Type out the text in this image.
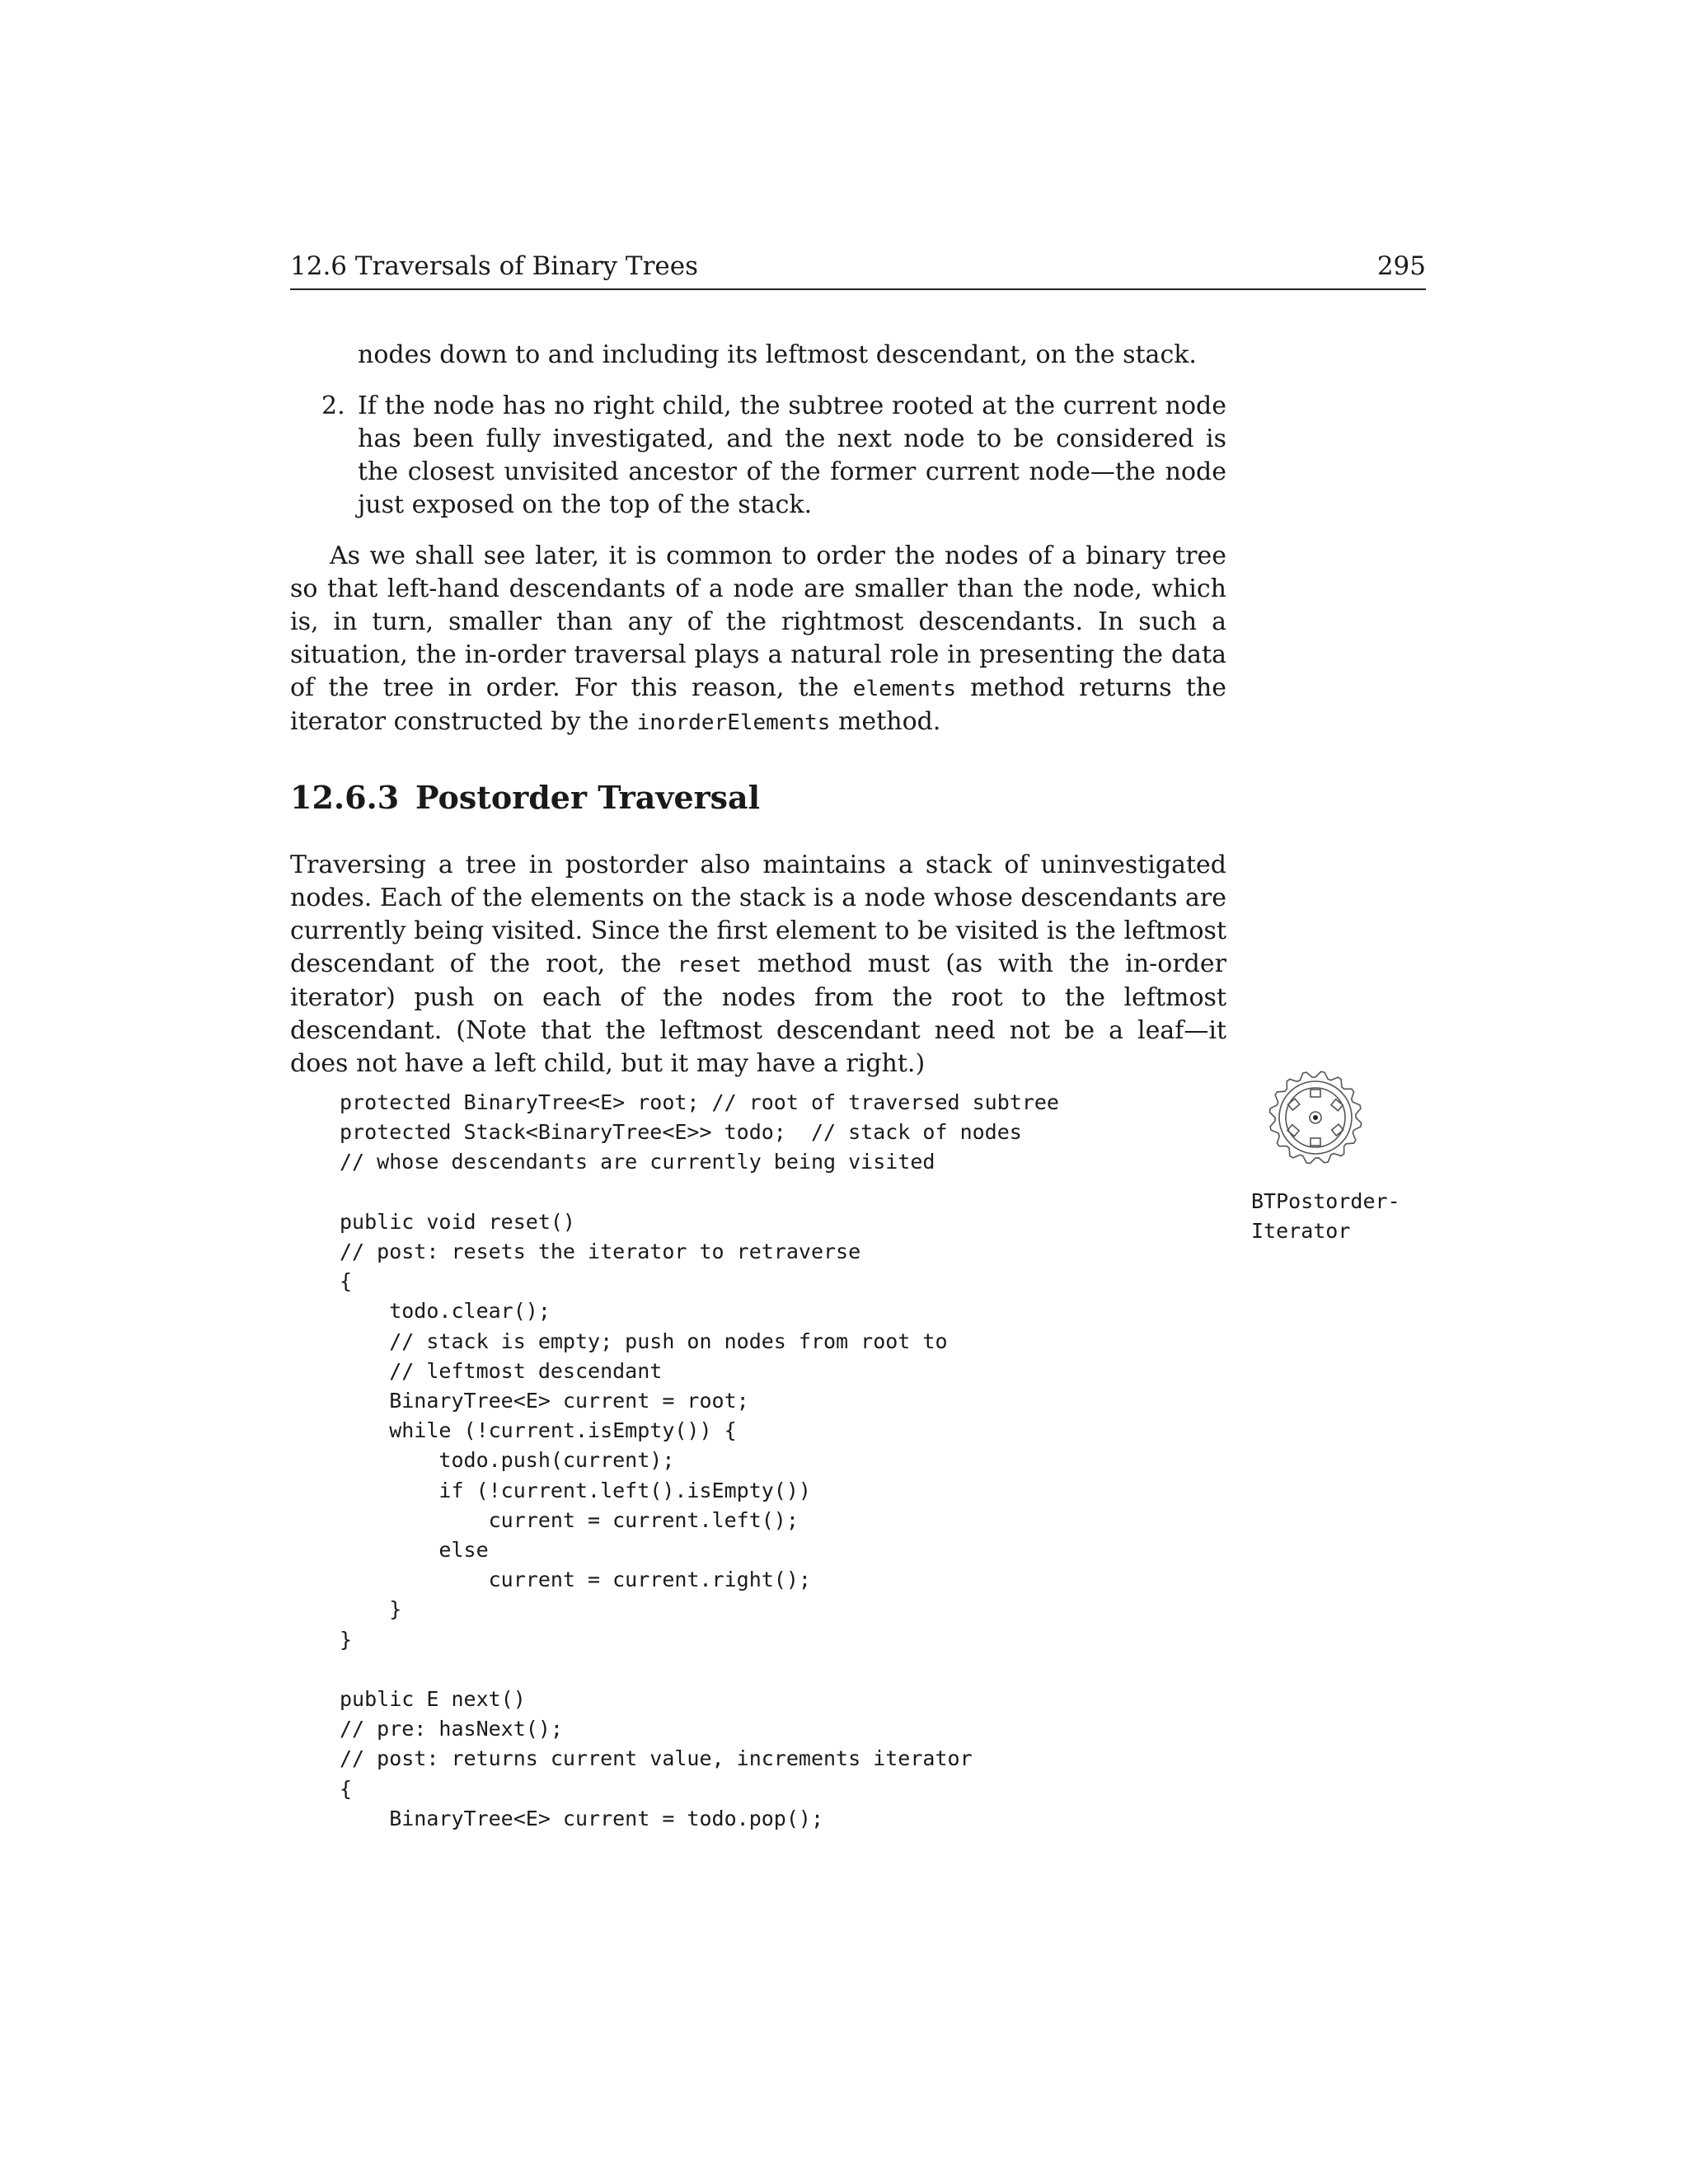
12.6 Traversals of Binary Trees	295
nodes down to and including its leftmost descendant, on the stack.
2. If the node has no right child, the subtree rooted at the current node has been fully investigated, and the next node to be considered is the closest unvisited ancestor of the former current node—the node just exposed on the top of the stack.
As we shall see later, it is common to order the nodes of a binary tree so that left-hand descendants of a node are smaller than the node, which is, in turn, smaller than any of the rightmost descendants. In such a situation, the in-order traversal plays a natural role in presenting the data of the tree in order. For this reason, the elements method returns the iterator constructed by the inorderElements method.
12.6.3 Postorder Traversal
Traversing a tree in postorder also maintains a stack of uninvestigated nodes. Each of the elements on the stack is a node whose descendants are currently being visited. Since the first element to be visited is the leftmost descendant of the root, the reset method must (as with the in-order iterator) push on each of the nodes from the root to the leftmost descendant. (Note that the leftmost descendant need not be a leaf—it does not have a left child, but it may have a right.)
protected BinaryTree<E> root; // root of traversed subtree
protected Stack<BinaryTree<E>> todo;  // stack of nodes
// whose descendants are currently being visited

public void reset()
// post: resets the iterator to retraverse
{
todo.clear();
// stack is empty; push on nodes from root to
// leftmost descendant
BinaryTree<E> current = root;
while (!current.isEmpty()) {
todo.push(current);
if (!current.left().isEmpty())
current = current.left();
else
current = current.right();
}
}

public E next()
// pre: hasNext();
// post: returns current value, increments iterator
{
BinaryTree<E> current = todo.pop();
BTPostorder-
Iterator
